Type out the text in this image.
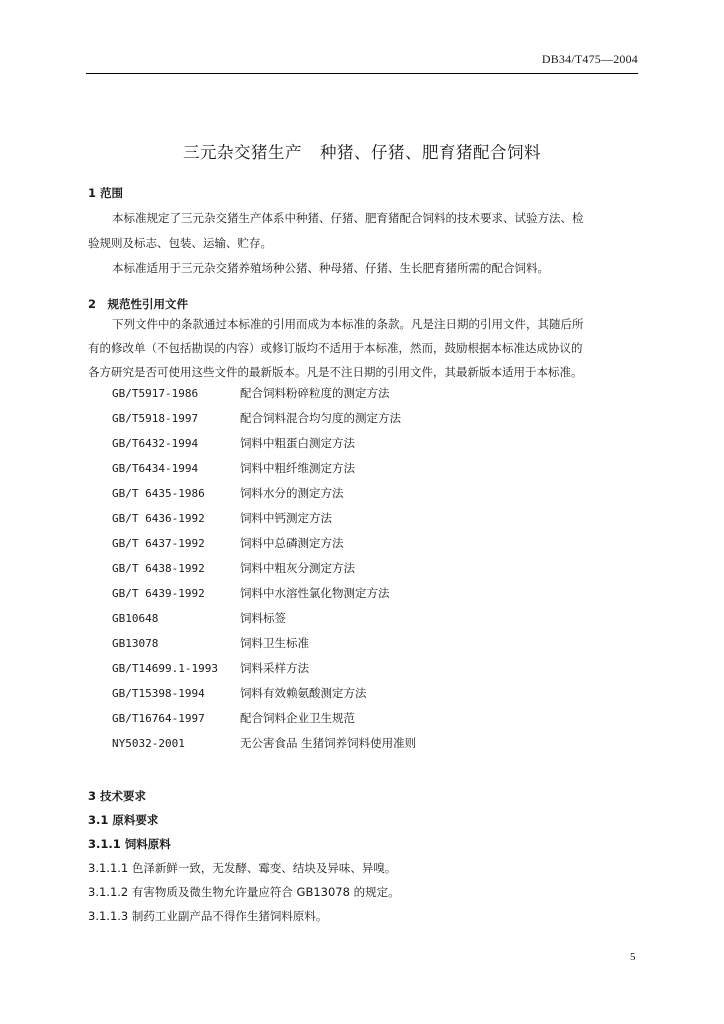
DB34/T475—2004
三元杂交猪生产 种猪、仔猪、肥育猪配合饲料
1 范围
本标准规定了三元杂交猪生产体系中种猪、仔猪、肥育猪配合饲料的技术要求、试验方法、检
验规则及标志、包装、运输、贮存。
本标准适用于三元杂交猪养殖场种公猪、种母猪、仔猪、生长肥育猪所需的配合饲料。
2　规范性引用文件
下列文件中的条款通过本标准的引用而成为本标准的条款。凡是注日期的引用文件，其随后所
有的修改单（不包括勘误的内容）或修订版均不适用于本标准，然而，鼓励根据本标准达成协议的
各方研究是否可使用这些文件的最新版本。凡是不注日期的引用文件，其最新版本适用于本标准。
GB/T5917-1986	配合饲料粉碎粒度的测定方法
GB/T5918-1997	配合饲料混合均匀度的测定方法
GB/T6432-1994	饲料中粗蛋白测定方法
GB/T6434-1994	饲料中粗纤维测定方法
GB/T 6435-1986	饲料水分的测定方法
GB/T 6436-1992	饲料中钙测定方法
GB/T 6437-1992	饲料中总磷测定方法
GB/T 6438-1992	饲料中粗灰分测定方法
GB/T 6439-1992	饲料中水溶性氯化物测定方法
GB10648	饲料标签
GB13078	饲料卫生标准
GB/T14699.1-1993 饲料采样方法
GB/T15398-1994	饲料有效赖氨酸测定方法
GB/T16764-1997	配合饲料企业卫生规范
NY5032-2001	无公害食品 生猪饲养饲料使用准则
3 技术要求
3.1 原料要求
3.1.1 饲料原料
3.1.1.1 色泽新鲜一致，无发酵、霉变、结块及异味、异嗅。
3.1.1.2 有害物质及微生物允许量应符合 GB13078 的规定。
3.1.1.3 制药工业副产品不得作生猪饲料原料。
5
